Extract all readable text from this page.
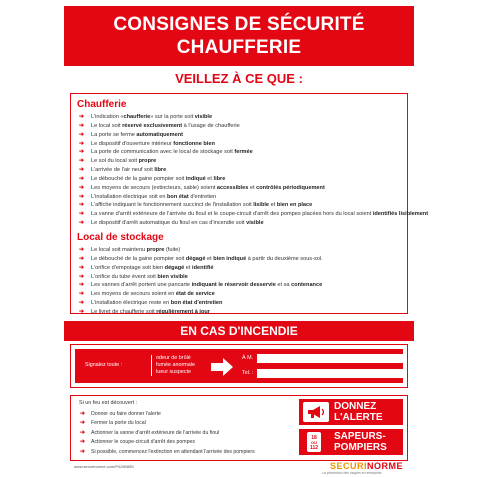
CONSIGNES DE SÉCURITÉ
CHAUFFERIE
VEILLEZ À CE QUE :
Chaufferie
➔ L'indication «chaufferie» sur la porte soit visible
➔ Le local soit réservé exclusivement à l'usage de chaufferie
➔ La porte se ferme automatiquement
➔ Le dispositif d'ouverture intérieur fonctionne bien
➔ La porte de communication avec le local de stockage soit fermée
➔ Le sol du local soit propre
➔ L'arrivée de l'air neuf soit libre
➔ Le débouché de la gaine pompier soit indiqué et libre
➔ Les moyens de secours (extincteurs, sable) soient accessibles et contrôlés périodiquement
➔ L'installation électrique soit en bon état d'entretien
➔ L'affiche indiquant le fonctionnement succinct de l'installation soit lisible et bien en place
➔ La vanne d'arrêt extérieure de l'arrivée du fioul et le coupe-circuit d'arrêt des pompes placées hors du local soient identifiés lisiblement
➔ Le dispositif d'arrêt automatique du fioul en cas d'incendie soit visible
Local de stockage
➔ Le local soit maintenu propre (fuite)
➔ Le débouché de la gaine pompier soit dégagé et bien indiqué à partir du deuxième sous-sol.
➔ L'orifice d'empotage soit bien dégagé et identifié
➔ L'orifice du tube évent soit bien visible
➔ Les vannes d'arrêt portent une pancarte indiquant le réservoir desservie et sa contenance
➔ Les moyens de secours soient en état de service
➔ L'installation électrique reste en bon état d'entretien
➔ Le livret de chaufferie soit régulièrement à jour
EN CAS D'INCENDIE
Signalez toute :
odeur de brûlé
fumée anormale
lueur suspecte
À M.
Tel. :
Si un feu est découvert :
➔ Donner ou faire donner l'alerte
➔ Fermer la porte du local
➔ Actionner la vanne d'arrêt extérieure de l'arrivée du fioul
➔ Actionner le coupe-circuit d'arrêt des pompes
➔ Si possible, commencez l'extinction en attendant l'arrivée des pompiers
DONNEZ
L'ALERTE
18
OU
112
SAPEURS-
POMPIERS
www.securinorme.com/P4280855	SECURINORME
La prévention des risques en entreprise
